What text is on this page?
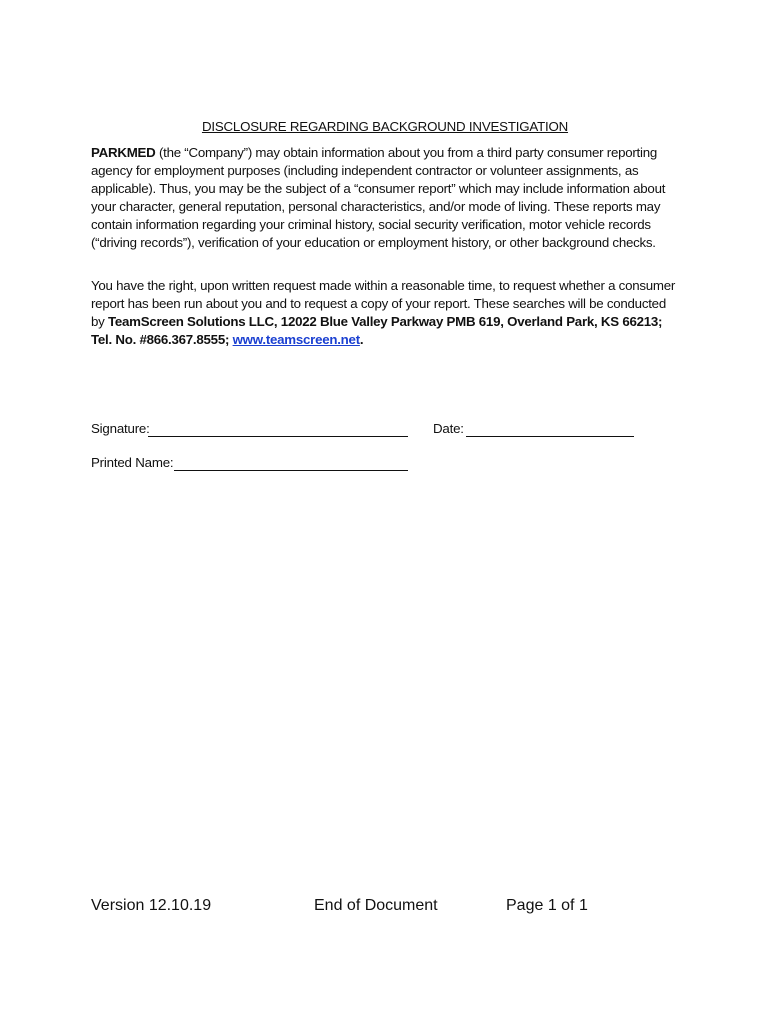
DISCLOSURE REGARDING BACKGROUND INVESTIGATION
PARKMED (the “Company”) may obtain information about you from a third party consumer reporting agency for employment purposes (including independent contractor or volunteer assignments, as applicable). Thus, you may be the subject of a “consumer report” which may include information about your character, general reputation, personal characteristics, and/or mode of living. These reports may contain information regarding your criminal history, social security verification, motor vehicle records (“driving records”), verification of your education or employment history, or other background checks.
You have the right, upon written request made within a reasonable time, to request whether a consumer report has been run about you and to request a copy of your report. These searches will be conducted by TeamScreen Solutions LLC, 12022 Blue Valley Parkway PMB 619, Overland Park, KS 66213; Tel. No. #866.367.8555; www.teamscreen.net.
Signature:	Date:
Printed Name:
Version 12.10.19	End of Document	Page 1 of 1
